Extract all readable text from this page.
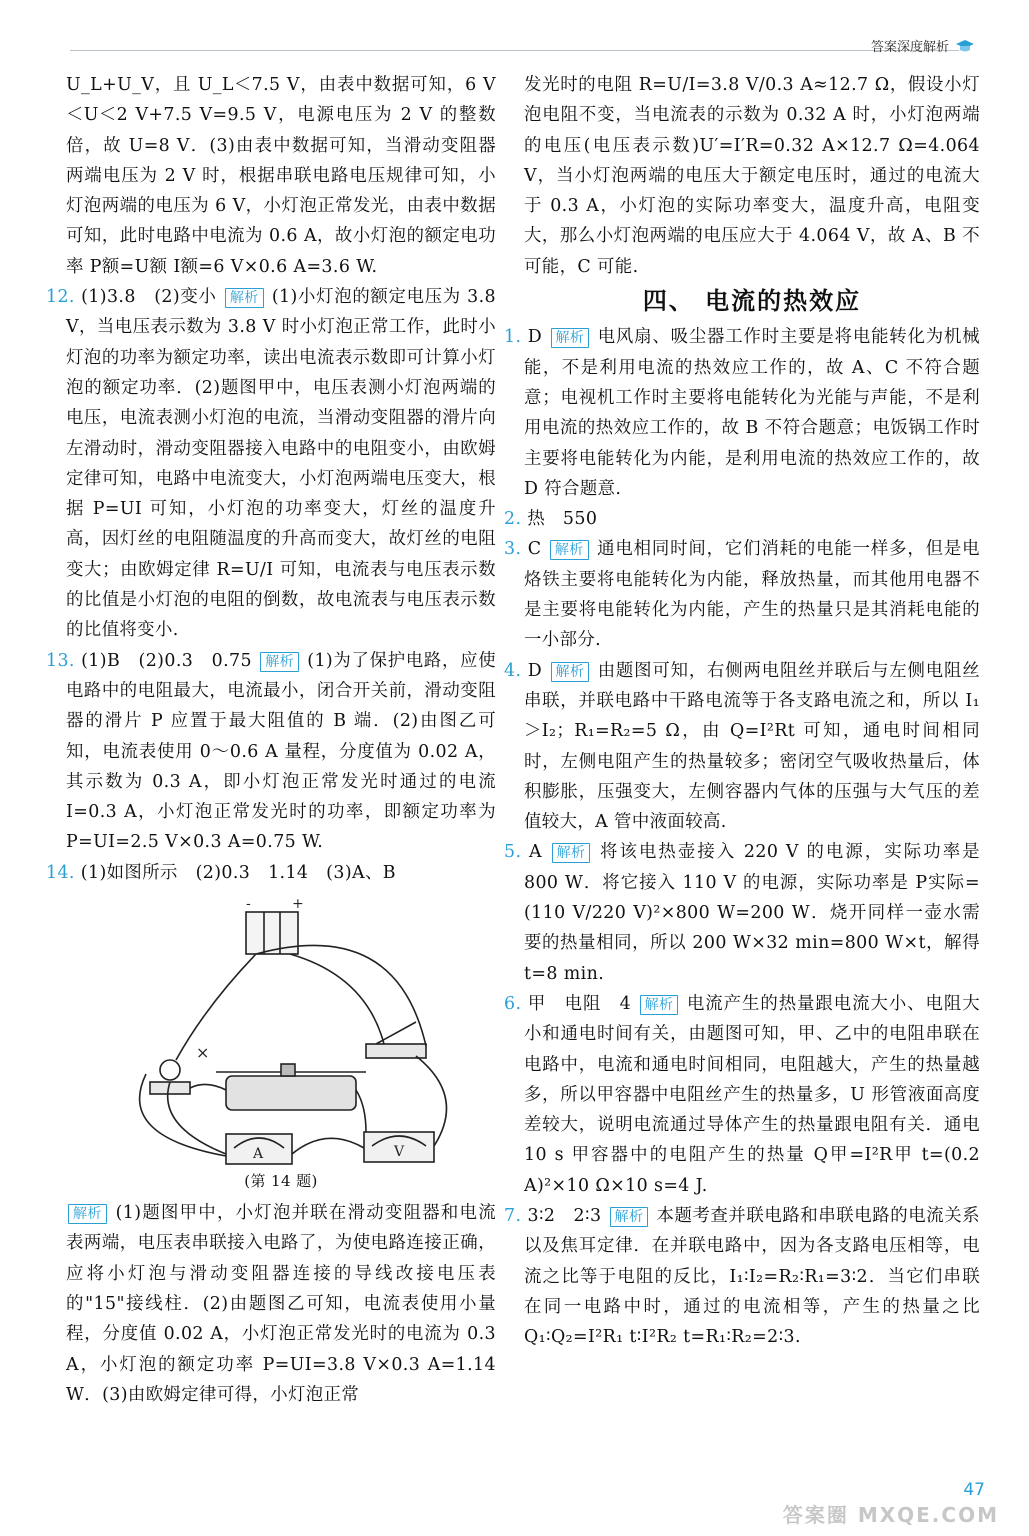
答案深度解析

U_L+U_V，且 U_L＜7.5 V，由表中数据可知，6 V＜U＜2 V+7.5 V=9.5 V，电源电压为 2 V 的整数倍，故 U=8 V．(3)由表中数据可知，当滑动变阻器两端电压为 2 V 时，根据串联电路电压规律可知，小灯泡两端的电压为 6 V，小灯泡正常发光，由表中数据可知，此时电路中电流为 0.6 A，故小灯泡的额定电功率 P额=U额 I额=6 V×0.6 A=3.6 W.

12. (1)3.8　(2)变小 解析 (1)小灯泡的额定电压为 3.8 V，当电压表示数为 3.8 V 时小灯泡正常工作，此时小灯泡的功率为额定功率，读出电流表示数即可计算小灯泡的额定功率．(2)题图甲中，电压表测小灯泡两端的电压，电流表测小灯泡的电流，当滑动变阻器的滑片向左滑动时，滑动变阻器接入电路中的电阻变小，由欧姆定律可知，电路中电流变大，小灯泡两端电压变大，根据 P=UI 可知，小灯泡的功率变大，灯丝的温度升高，因灯丝的电阻随温度的升高而变大，故灯丝的电阻变大；由欧姆定律 R=U/I 可知，电流表与电压表示数的比值是小灯泡的电阻的倒数，故电流表与电压表示数的比值将变小.

13. (1)B　(2)0.3　0.75 解析 (1)为了保护电路，应使电路中的电阻最大，电流最小，闭合开关前，滑动变阻器的滑片 P 应置于最大阻值的 B 端．(2)由图乙可知，电流表使用 0～0.6 A 量程，分度值为 0.02 A，其示数为 0.3 A，即小灯泡正常发光时通过的电流 I=0.3 A，小灯泡正常发光时的功率，即额定功率为 P=UI=2.5 V×0.3 A=0.75 W.

14. (1)如图所示　(2)0.3　1.14　(3)A、B

-	+
×
A	V
(第 14 题)

解析 (1)题图甲中，小灯泡并联在滑动变阻器和电流表两端，电压表串联接入电路了，为使电路连接正确，应将小灯泡与滑动变阻器连接的导线改接电压表的"15"接线柱．(2)由题图乙可知，电流表使用小量程，分度值 0.02 A，小灯泡正常发光时的电流为 0.3 A，小灯泡的额定功率 P=UI=3.8 V×0.3 A=1.14 W．(3)由欧姆定律可得，小灯泡正常

发光时的电阻 R=U/I=3.8 V/0.3 A≈12.7 Ω，假设小灯泡电阻不变，当电流表的示数为 0.32 A 时，小灯泡两端的电压(电压表示数)U′=I′R=0.32 A×12.7 Ω=4.064 V，当小灯泡两端的电压大于额定电压时，通过的电流大于 0.3 A，小灯泡的实际功率变大，温度升高，电阻变大，那么小灯泡两端的电压应大于 4.064 V，故 A、B 不可能，C 可能.

四、 电流的热效应

1. D 解析 电风扇、吸尘器工作时主要是将电能转化为机械能，不是利用电流的热效应工作的，故 A、C 不符合题意；电视机工作时主要将电能转化为光能与声能，不是利用电流的热效应工作的，故 B 不符合题意；电饭锅工作时主要将电能转化为内能，是利用电流的热效应工作的，故 D 符合题意.

2. 热　550

3. C 解析 通电相同时间，它们消耗的电能一样多，但是电烙铁主要将电能转化为内能，释放热量，而其他用电器不是主要将电能转化为内能，产生的热量只是其消耗电能的一小部分.

4. D 解析 由题图可知，右侧两电阻丝并联后与左侧电阻丝串联，并联电路中干路电流等于各支路电流之和，所以 I₁＞I₂；R₁=R₂=5 Ω，由 Q=I²Rt 可知，通电时间相同时，左侧电阻产生的热量较多；密闭空气吸收热量后，体积膨胀，压强变大，左侧容器内气体的压强与大气压的差值较大，A 管中液面较高.

5. A 解析 将该电热壶接入 220 V 的电源，实际功率是 800 W．将它接入 110 V 的电源，实际功率是 P实际=(110 V/220 V)²×800 W=200 W．烧开同样一壶水需要的热量相同，所以 200 W×32 min=800 W×t，解得 t=8 min.

6. 甲　电阻　4 解析 电流产生的热量跟电流大小、电阻大小和通电时间有关，由题图可知，甲、乙中的电阻串联在电路中，电流和通电时间相同，电阻越大，产生的热量越多，所以甲容器中电阻丝产生的热量多，U 形管液面高度差较大，说明电流通过导体产生的热量跟电阻有关．通电 10 s 甲容器中的电阻产生的热量 Q甲=I²R甲 t=(0.2 A)²×10 Ω×10 s=4 J.

7. 3∶2　2∶3 解析 本题考查并联电路和串联电路的电流关系以及焦耳定律．在并联电路中，因为各支路电压相等，电流之比等于电阻的反比，I₁∶I₂=R₂∶R₁=3∶2．当它们串联在同一电路中时，通过的电流相等，产生的热量之比 Q₁∶Q₂=I²R₁ t∶I²R₂ t=R₁∶R₂=2∶3.

47
答案圈 MXQE.COM
